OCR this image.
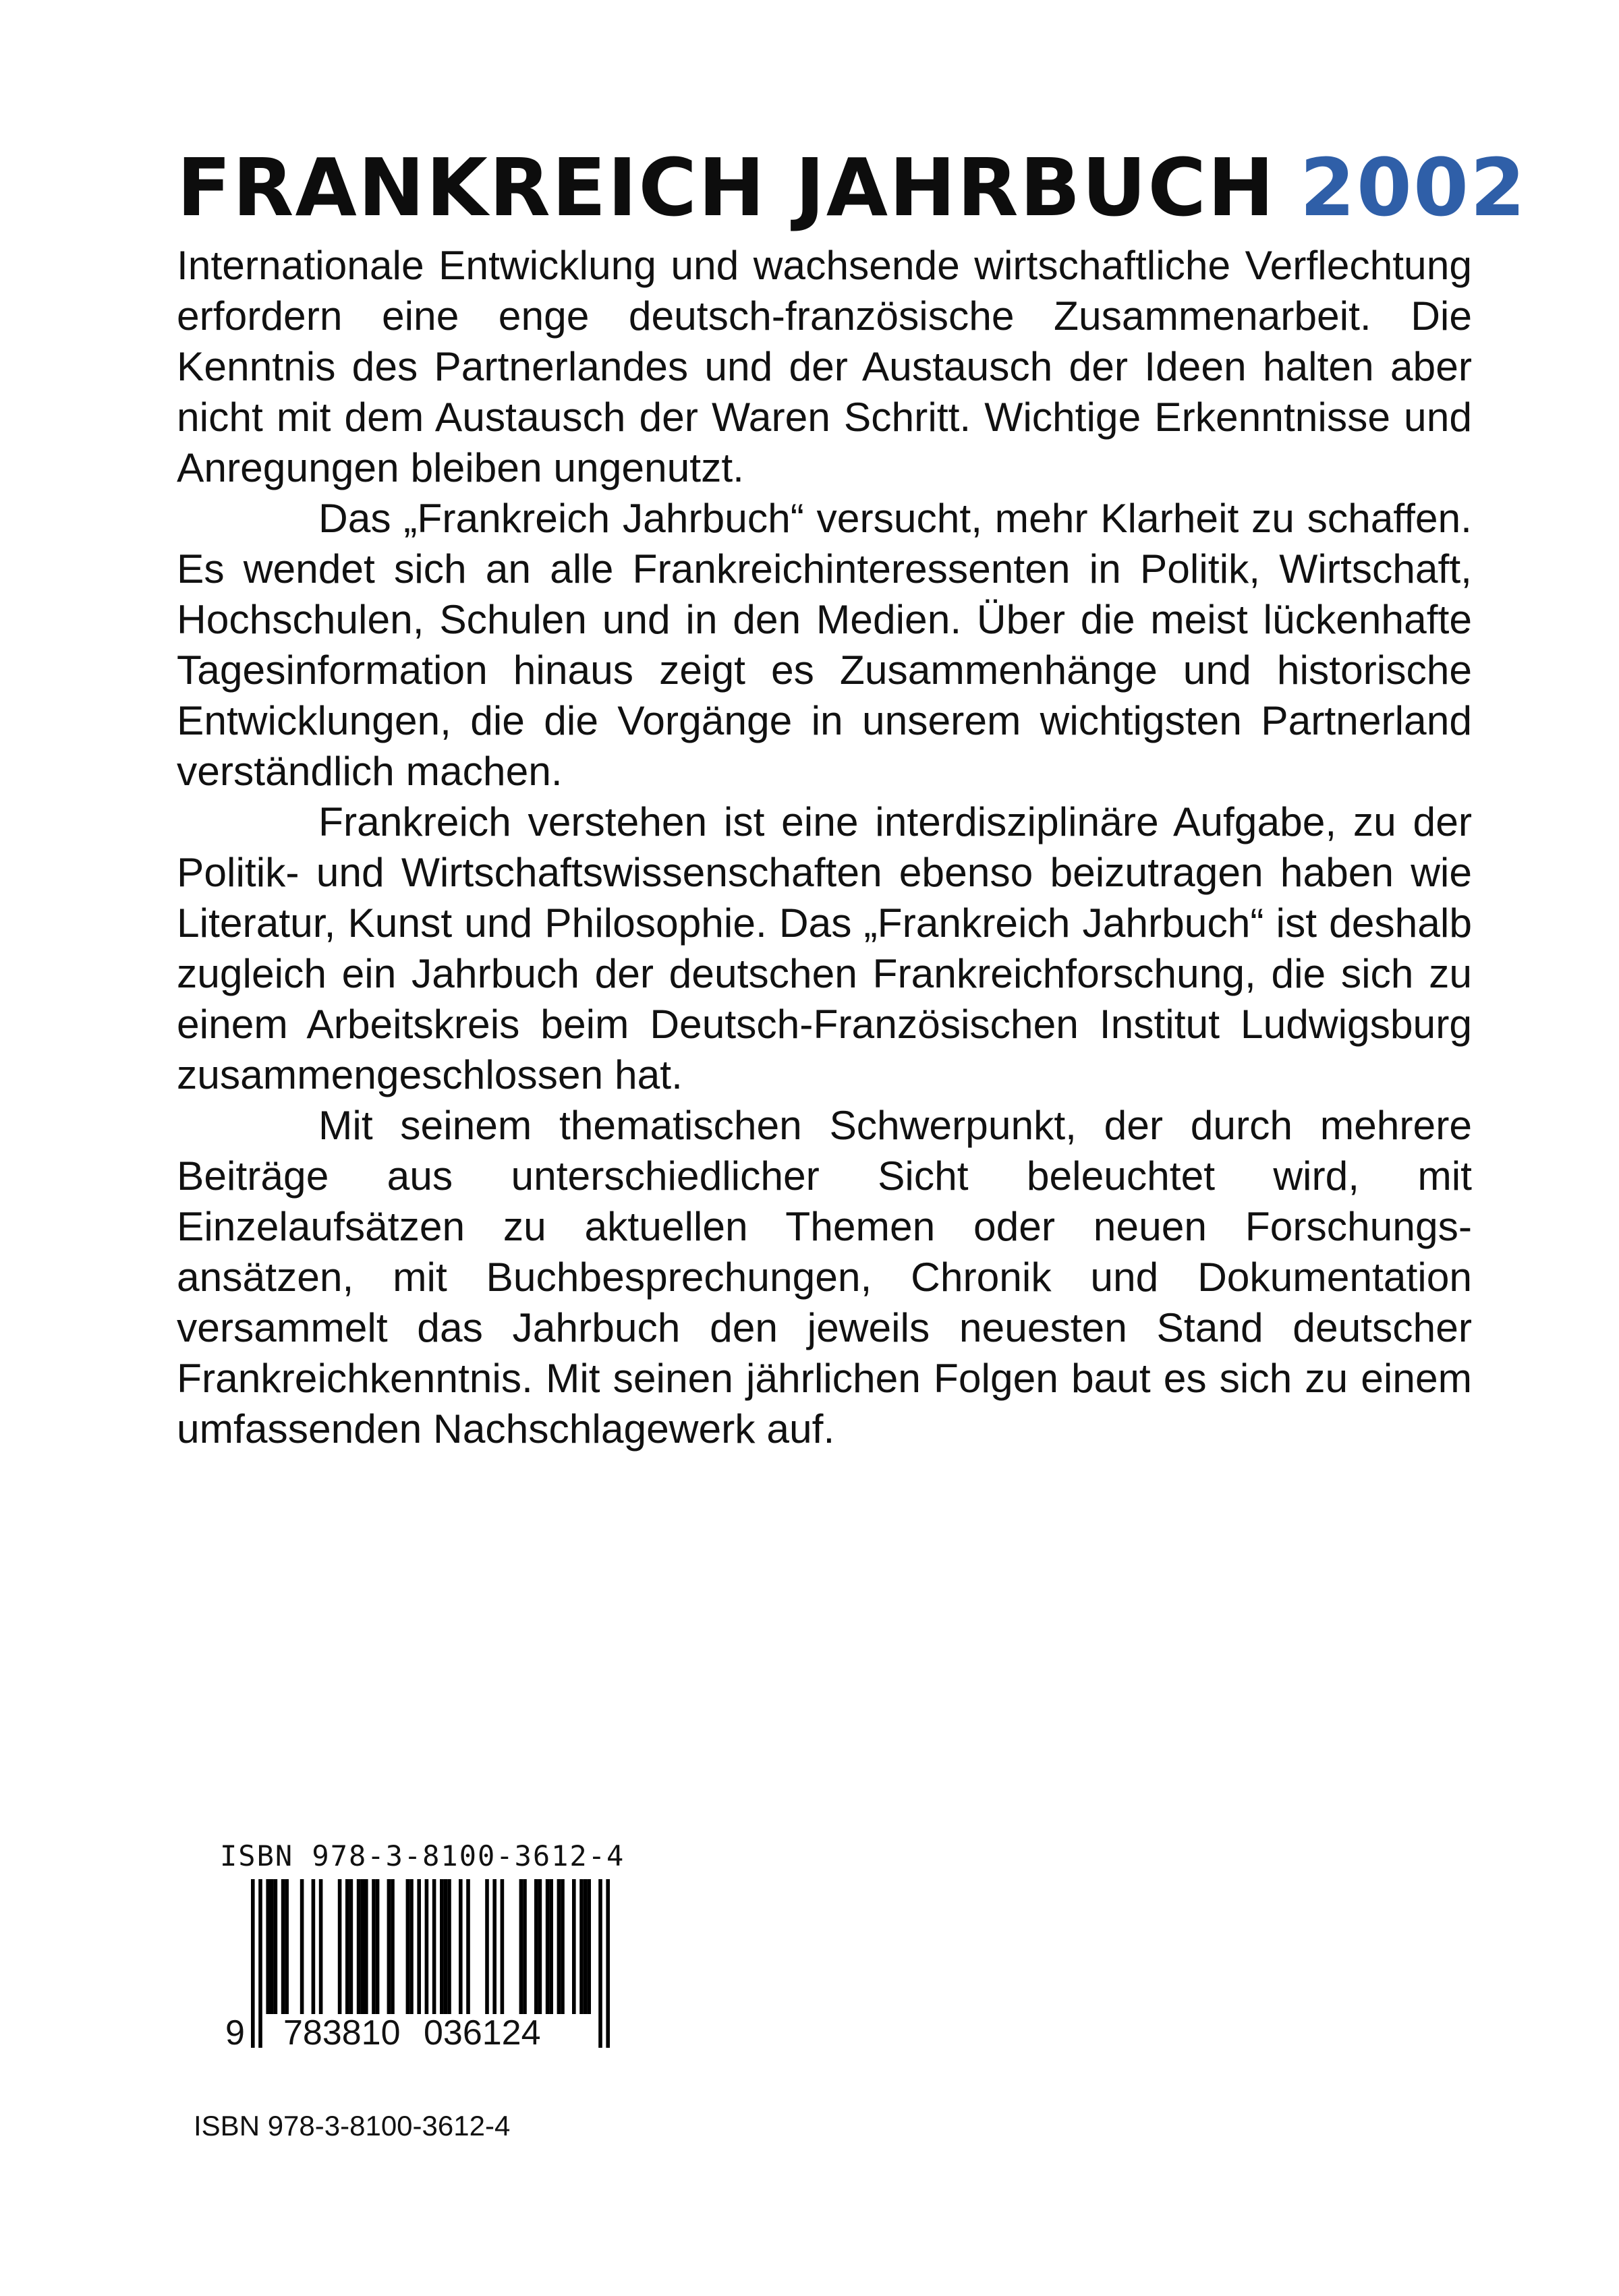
FRANKREICH JAHRBUCH 2002

Internationale Entwicklung und wachsende wirtschaftliche Verflechtung erfordern eine enge deutsch-französische Zusammenarbeit. Die Kenntnis des Partnerlandes und der Austausch der Ideen halten aber nicht mit dem Austausch der Waren Schritt. Wichtige Erkenntnisse und Anregungen bleiben ungenutzt.

Das „Frankreich Jahrbuch“ versucht, mehr Klarheit zu schaffen. Es wendet sich an alle Frankreichinteressenten in Politik, Wirtschaft, Hochschulen, Schulen und in den Medien. Über die meist lückenhafte Tagesinformation hinaus zeigt es Zusammenhänge und historische Entwicklungen, die die Vorgänge in unserem wichtigsten Partnerland verständlich machen.

Frankreich verstehen ist eine interdisziplinäre Aufgabe, zu der Politik- und Wirtschaftswissenschaften ebenso beizutragen haben wie Literatur, Kunst und Philosophie. Das „Frankreich Jahrbuch“ ist deshalb zugleich ein Jahrbuch der deutschen Frankreichforschung, die sich zu einem Arbeitskreis beim Deutsch-Französischen Institut Ludwigsburg zusammengeschlossen hat.

Mit seinem thematischen Schwerpunkt, der durch mehrere Beiträge aus unterschiedlicher Sicht beleuchtet wird, mit Einzelaufsätzen zu aktuellen Themen oder neuen Forschungsansätzen, mit Buchbesprechungen, Chronik und Dokumentation versammelt das Jahrbuch den jeweils neuesten Stand deutscher Frankreichkenntnis. Mit seinen jährlichen Folgen baut es sich zu einem umfassenden Nachschlagewerk auf.

ISBN 978-3-8100-3612-4
9 783810 036124
ISBN 978-3-8100-3612-4
